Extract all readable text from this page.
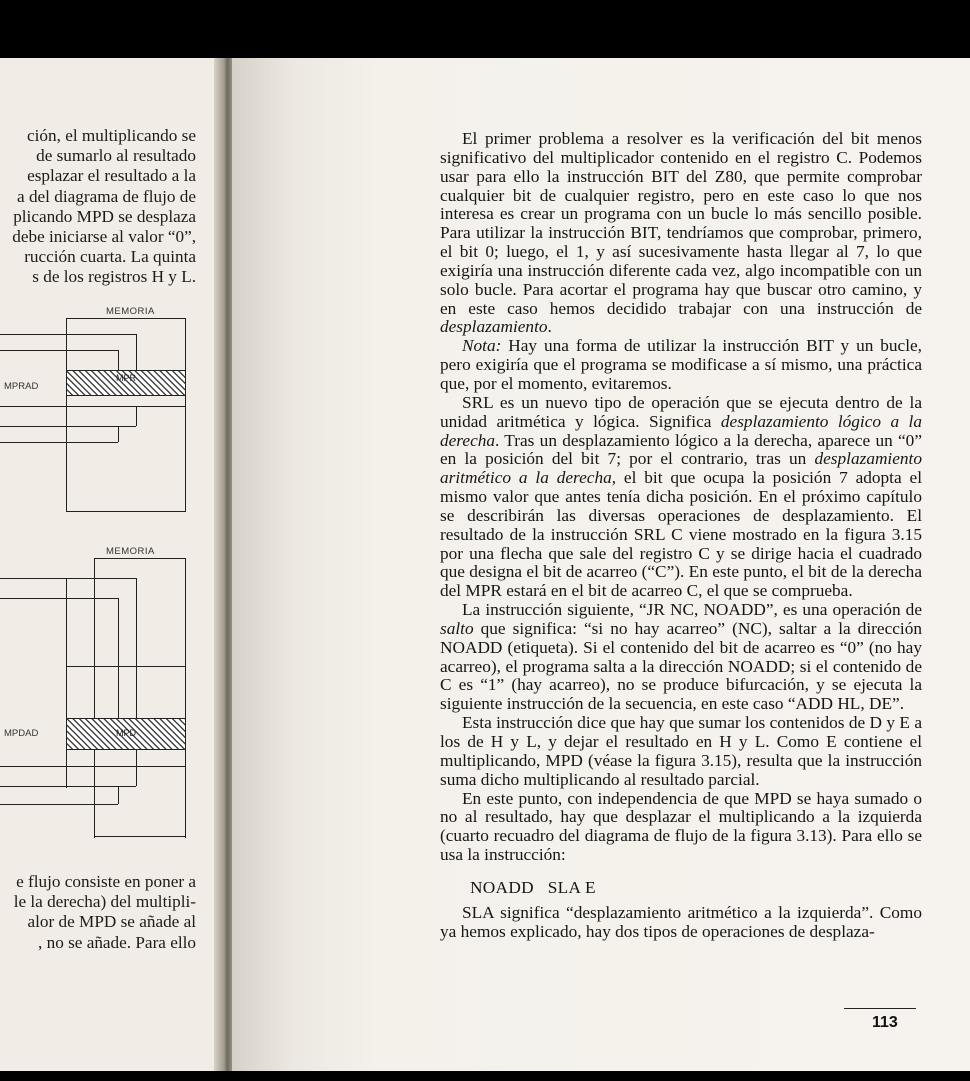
ción, el multiplicando se
de sumarlo al resultado
esplazar el resultado a la
a del diagrama de flujo de
plicando MPD se desplaza
debe iniciarse al valor “0”,
rucción cuarta. La quinta
s de los registros H y L.
MEMORIA
MPR
MPRAD
MEMORIA
MPD
MPDAD
e flujo consiste en poner a
le la derecha) del multipli-
alor de MPD se añade al
, no se añade. Para ello

El primer problema a resolver es la verificación del bit menos significativo del multiplicador contenido en el registro C. Podemos usar para ello la instrucción BIT del Z80, que permite comprobar cualquier bit de cualquier registro, pero en este caso lo que nos interesa es crear un programa con un bucle lo más sencillo posible. Para utilizar la instrucción BIT, tendríamos que comprobar, primero, el bit 0; luego, el 1, y así sucesivamente hasta llegar al 7, lo que exigiría una instrucción diferente cada vez, algo incompatible con un solo bucle. Para acortar el programa hay que buscar otro camino, y en este caso hemos decidido trabajar con una instrucción de desplazamiento.

Nota: Hay una forma de utilizar la instrucción BIT y un bucle, pero exigiría que el programa se modificase a sí mismo, una práctica que, por el momento, evitaremos.

SRL es un nuevo tipo de operación que se ejecuta dentro de la unidad aritmética y lógica. Significa desplazamiento lógico a la derecha. Tras un desplazamiento lógico a la derecha, aparece un “0” en la posición del bit 7; por el contrario, tras un desplazamiento aritmético a la derecha, el bit que ocupa la posición 7 adopta el mismo valor que antes tenía dicha posición. En el próximo capítulo se describirán las diversas operaciones de desplazamiento. El resultado de la instrucción SRL C viene mostrado en la figura 3.15 por una flecha que sale del registro C y se dirige hacia el cuadrado que designa el bit de acarreo (“C”). En este punto, el bit de la derecha del MPR estará en el bit de acarreo C, el que se comprueba.

La instrucción siguiente, “JR NC, NOADD”, es una operación de salto que significa: “si no hay acarreo” (NC), saltar a la dirección NOADD (etiqueta). Si el contenido del bit de acarreo es “0” (no hay acarreo), el programa salta a la dirección NOADD; si el contenido de C es “1” (hay acarreo), no se produce bifurcación, y se ejecuta la siguiente instrucción de la secuencia, en este caso “ADD HL, DE”.

Esta instrucción dice que hay que sumar los contenidos de D y E a los de H y L, y dejar el resultado en H y L. Como E contiene el multiplicando, MPD (véase la figura 3.15), resulta que la instrucción suma dicho multiplicando al resultado parcial.

En este punto, con independencia de que MPD se haya sumado o no al resultado, hay que desplazar el multiplicando a la izquierda (cuarto recuadro del diagrama de flujo de la figura 3.13). Para ello se usa la instrucción:

NOADD   SLA E

SLA significa “desplazamiento aritmético a la izquierda”. Como ya hemos explicado, hay dos tipos de operaciones de desplaza-

113
